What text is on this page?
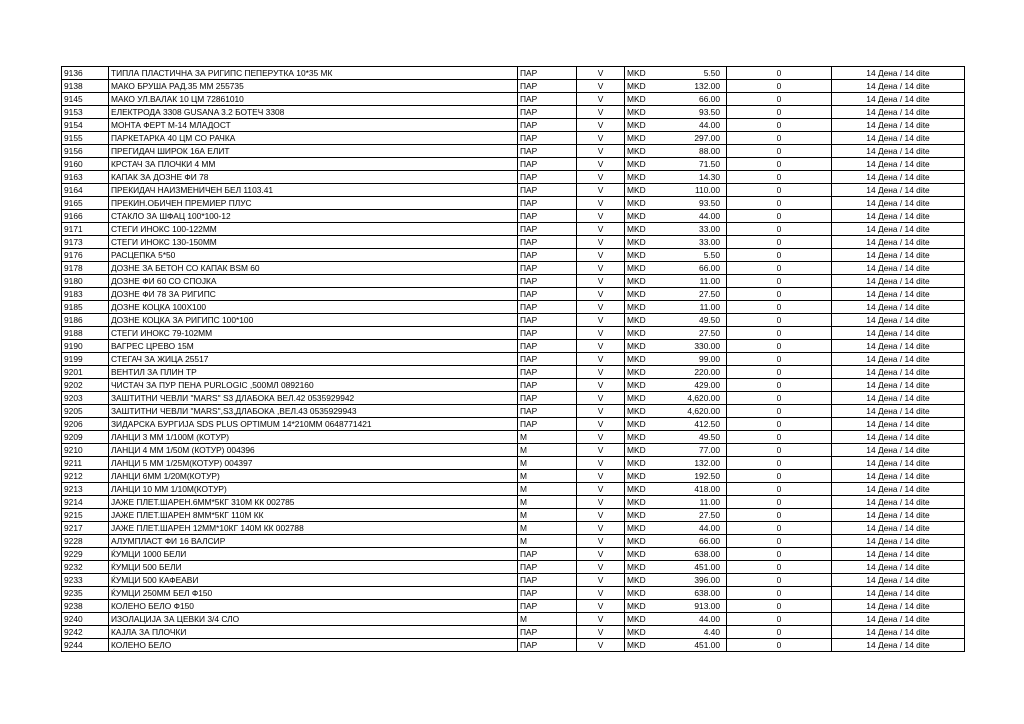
9136	ТИПЛА ПЛАСТИЧНА ЗА РИГИПС ПЕПЕРУТКА 10*35 МК	ПАР	V	MKD 5.50	0	14 Дена / 14 dite
9138	МАКО БРУША РАД.35 ММ 255735	ПАР	V	MKD 132.00	0	14 Дена / 14 dite
9145	МАКО УЛ.ВАЛАК 10 ЦМ 72861010	ПАР	V	MKD 66.00	0	14 Дена / 14 dite
9153	ЕЛЕКТРОДА 3308 GUSANA 3.2 БОТЕЧ 3308	ПАР	V	MKD 93.50	0	14 Дена / 14 dite
9154	МОНТА ФЕРТ М-14 МЛАДОСТ	ПАР	V	MKD 44.00	0	14 Дена / 14 dite
9155	ПАРКЕТАРКА 40 ЦМ СО РАЧКА	ПАР	V	MKD 297.00	0	14 Дена / 14 dite
9156	ПРЕГИДАЧ ШИРОК 16А ЕЛИТ	ПАР	V	MKD 88.00	0	14 Дена / 14 dite
9160	КРСТАЧ ЗА ПЛОЧКИ 4 ММ	ПАР	V	MKD 71.50	0	14 Дена / 14 dite
9163	КАПАК ЗА ДОЗНЕ ФИ 78	ПАР	V	MKD 14.30	0	14 Дена / 14 dite
9164	ПРЕКИДАЧ НАИЗМЕНИЧЕН БЕЛ 1103.41	ПАР	V	MKD 110.00	0	14 Дена / 14 dite
9165	ПРЕКИН.ОБИЧЕН ПРЕМИЕР ПЛУС	ПАР	V	MKD 93.50	0	14 Дена / 14 dite
9166	СТАКЛО ЗА ШФАЦ 100*100-12	ПАР	V	MKD 44.00	0	14 Дена / 14 dite
9171	СТЕГИ ИНОКС 100-122ММ	ПАР	V	MKD 33.00	0	14 Дена / 14 dite
9173	СТЕГИ ИНОКС 130-150ММ	ПАР	V	MKD 33.00	0	14 Дена / 14 dite
9176	РАСЦЕПКА 5*50	ПАР	V	MKD 5.50	0	14 Дена / 14 dite
9178	ДОЗНЕ ЗА БЕТОН СО КАПАК BSM 60	ПАР	V	MKD 66.00	0	14 Дена / 14 dite
9180	ДОЗНЕ ФИ 60 СО СПОЈКА	ПАР	V	MKD 11.00	0	14 Дена / 14 dite
9183	ДОЗНЕ ФИ 78 ЗА РИГИПС	ПАР	V	MKD 27.50	0	14 Дена / 14 dite
9185	ДОЗНЕ КОЦКА 100Х100	ПАР	V	MKD 11.00	0	14 Дена / 14 dite
9186	ДОЗНЕ КОЦКА ЗА РИГИПС 100*100	ПАР	V	MKD 49.50	0	14 Дена / 14 dite
9188	СТЕГИ ИНОКС 79-102ММ	ПАР	V	MKD 27.50	0	14 Дена / 14 dite
9190	ВАГРЕС ЦРЕВО 15М	ПАР	V	MKD 330.00	0	14 Дена / 14 dite
9199	СТЕГАЧ ЗА ЖИЦА 25517	ПАР	V	MKD 99.00	0	14 Дена / 14 dite
9201	ВЕНТИЛ ЗА ПЛИН ТР	ПАР	V	MKD 220.00	0	14 Дена / 14 dite
9202	ЧИСТАЧ ЗА ПУР ПЕНА PURLOGIC ,500МЛ 0892160	ПАР	V	MKD 429.00	0	14 Дена / 14 dite
9203	ЗАШТИТНИ ЧЕВЛИ "MARS" S3 ДЛАБОКА ВЕЛ.42 0535929942	ПАР	V	MKD 4,620.00	0	14 Дена / 14 dite
9205	ЗАШТИТНИ ЧЕВЛИ "MARS",S3,ДЛАБОКА ,ВЕЛ.43 0535929943	ПАР	V	MKD 4,620.00	0	14 Дена / 14 dite
9206	ЗИДАРСКА БУРГИЈА SDS PLUS OPTIMUM 14*210ММ 0648771421	ПАР	V	MKD 412.50	0	14 Дена / 14 dite
9209	ЛАНЦИ 3 ММ 1/100М (КОТУР)	М	V	MKD 49.50	0	14 Дена / 14 dite
9210	ЛАНЦИ 4 ММ 1/50М (КОТУР) 004396	М	V	MKD 77.00	0	14 Дена / 14 dite
9211	ЛАНЦИ 5 ММ 1/25М(КОТУР) 004397	М	V	MKD 132.00	0	14 Дена / 14 dite
9212	ЛАНЦИ 6ММ 1/20М(КОТУР)	М	V	MKD 192.50	0	14 Дена / 14 dite
9213	ЛАНЦИ 10 ММ 1/10М(КОТУР)	М	V	MKD 418.00	0	14 Дена / 14 dite
9214	ЈАЖЕ ПЛЕТ.ШАРЕН.6ММ*5КГ 310М КК 002785	М	V	MKD 11.00	0	14 Дена / 14 dite
9215	ЈАЖЕ ПЛЕТ.ШАРЕН 8ММ*5КГ 110М КК	М	V	MKD 27.50	0	14 Дена / 14 dite
9217	ЈАЖЕ ПЛЕТ.ШАРЕН 12ММ*10КГ 140М КК 002788	М	V	MKD 44.00	0	14 Дена / 14 dite
9228	АЛУМПЛАСТ ФИ 16 ВАЛСИР	М	V	MKD 66.00	0	14 Дена / 14 dite
9229	ЌУМЦИ 1000 БЕЛИ	ПАР	V	MKD 638.00	0	14 Дена / 14 dite
9232	ЌУМЦИ 500 БЕЛИ	ПАР	V	MKD 451.00	0	14 Дена / 14 dite
9233	ЌУМЦИ 500 КАФЕАВИ	ПАР	V	MKD 396.00	0	14 Дена / 14 dite
9235	ЌУМЦИ 250ММ БЕЛ Ф150	ПАР	V	MKD 638.00	0	14 Дена / 14 dite
9238	КОЛЕНО БЕЛО Ф150	ПАР	V	MKD 913.00	0	14 Дена / 14 dite
9240	ИЗОЛАЦИЈА ЗА ЦЕВКИ 3/4 СЛО	М	V	MKD 44.00	0	14 Дена / 14 dite
9242	КАЈЛА ЗА ПЛОЧКИ	ПАР	V	MKD 4.40	0	14 Дена / 14 dite
9244	КОЛЕНО БЕЛО	ПАР	V	MKD 451.00	0	14 Дена / 14 dite
